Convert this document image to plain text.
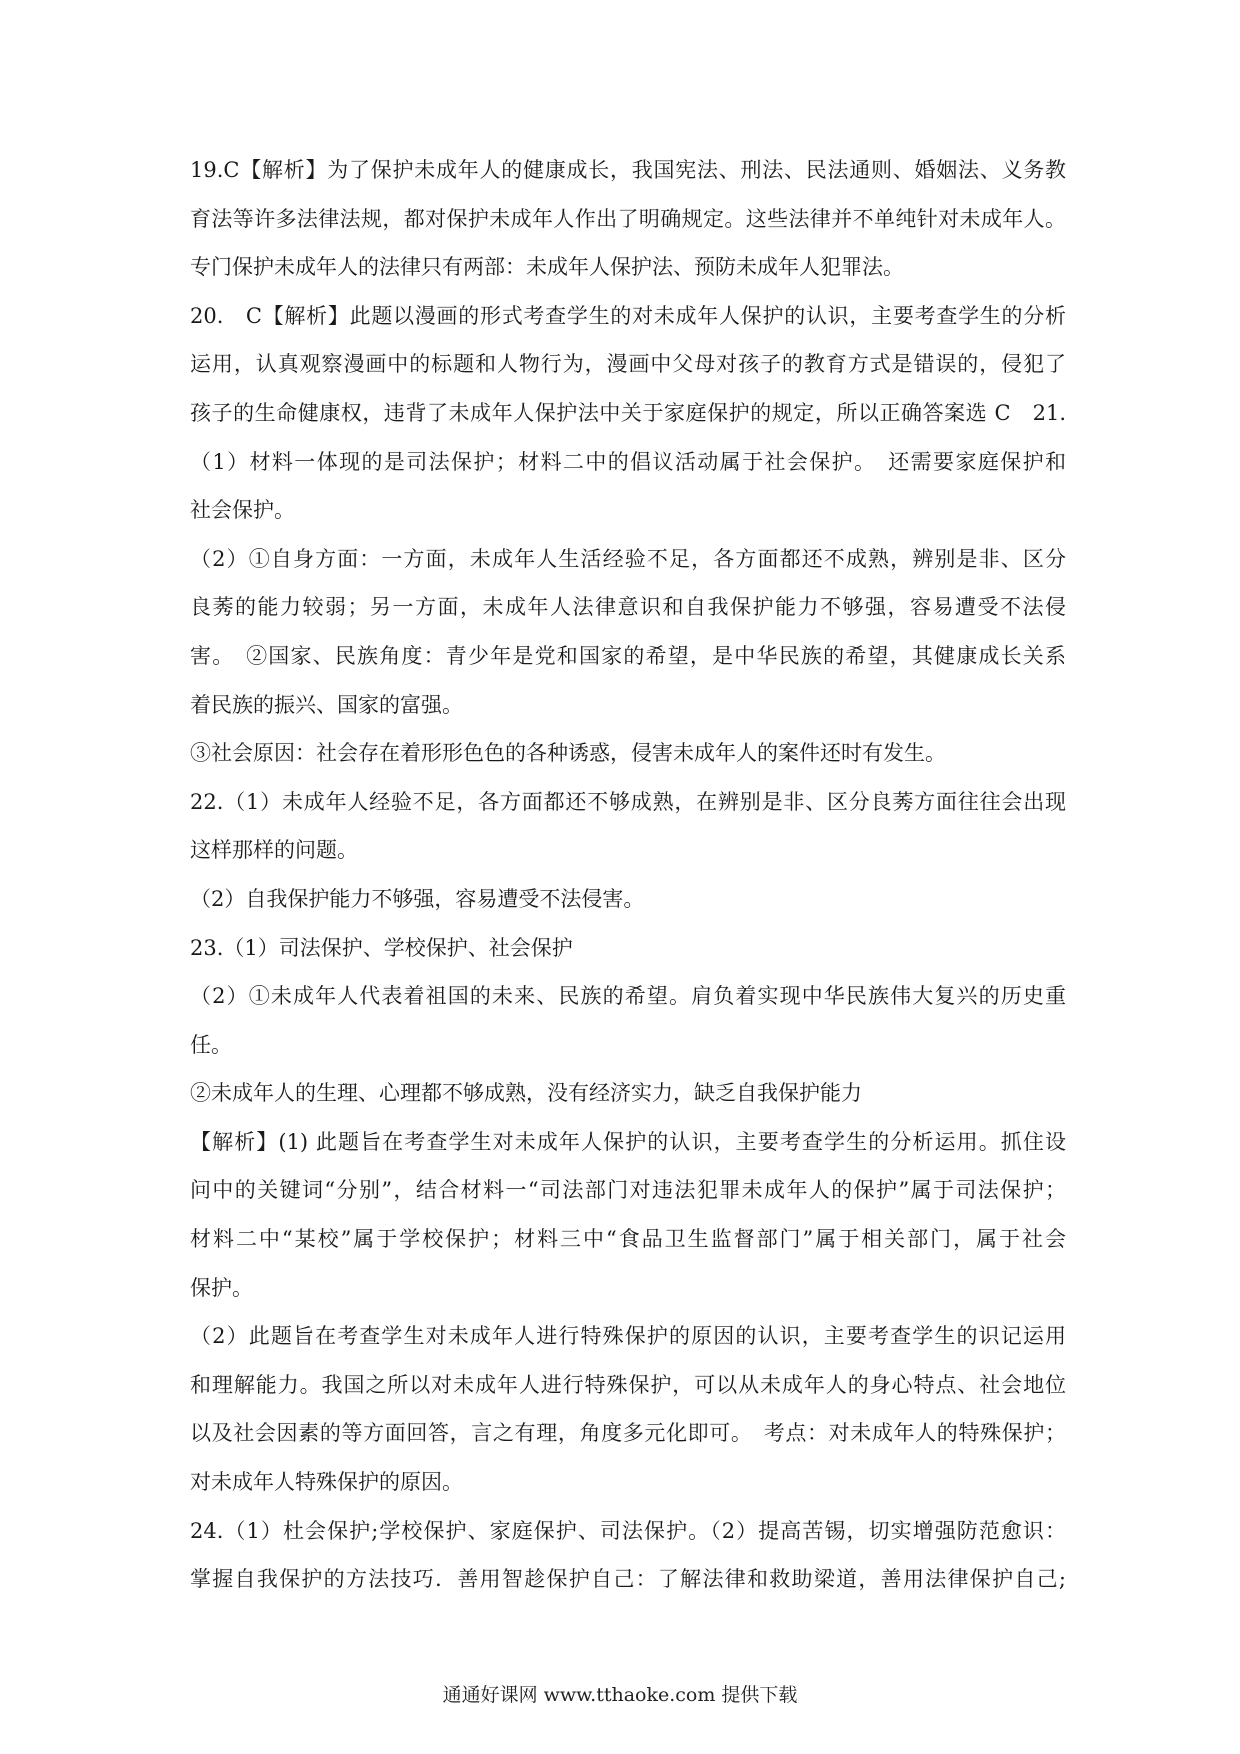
19.C【解析】为了保护未成年人的健康成长，我国宪法、刑法、民法通则、婚姻法、义务教
育法等许多法律法规，都对保护未成年人作出了明确规定。这些法律并不单纯针对未成年人。
专门保护未成年人的法律只有两部：未成年人保护法、预防未成年人犯罪法。
20.　C【解析】此题以漫画的形式考查学生的对未成年人保护的认识，主要考查学生的分析
运用，认真观察漫画中的标题和人物行为，漫画中父母对孩子的教育方式是错误的，侵犯了
孩子的生命健康权，违背了未成年人保护法中关于家庭保护的规定，所以正确答案选 C　21.
（1）材料一体现的是司法保护；材料二中的倡议活动属于社会保护。　还需要家庭保护和
社会保护。
（2）①自身方面：一方面，未成年人生活经验不足，各方面都还不成熟，辨别是非、区分
良莠的能力较弱；另一方面，未成年人法律意识和自我保护能力不够强，容易遭受不法侵
害。　②国家、民族角度：青少年是党和国家的希望，是中华民族的希望，其健康成长关系
着民族的振兴、国家的富强。
③社会原因：社会存在着形形色色的各种诱惑，侵害未成年人的案件还时有发生。
22.（1）未成年人经验不足，各方面都还不够成熟，在辨别是非、区分良莠方面往往会出现
这样那样的问题。
（2）自我保护能力不够强，容易遭受不法侵害。
23.（1）司法保护、学校保护、社会保护
（2）①未成年人代表着祖国的未来、民族的希望。肩负着实现中华民族伟大复兴的历史重
任。
②未成年人的生理、心理都不够成熟，没有经济实力，缺乏自我保护能力
【解析】(1) 此题旨在考查学生对未成年人保护的认识，主要考查学生的分析运用。抓住设
问中的关键词“分别”，结合材料一“司法部门对违法犯罪未成年人的保护”属于司法保护；
材料二中“某校”属于学校保护；材料三中“食品卫生监督部门”属于相关部门，属于社会
保护。
（2）此题旨在考查学生对未成年人进行特殊保护的原因的认识，主要考查学生的识记运用
和理解能力。我国之所以对未成年人进行特殊保护，可以从未成年人的身心特点、社会地位
以及社会因素的等方面回答，言之有理，角度多元化即可。　考点：对未成年人的特殊保护；
对未成年人特殊保护的原因。
24.（1）杜会保护;学校保护、家庭保护、司法保护。（2）提高苦锡，切实增强防范愈识：
掌握自我保护的方法技巧．善用智趁保护自己：了解法律和救助梁道，善用法律保护自己;
通通好课网 www.tthaoke.com 提供下载
